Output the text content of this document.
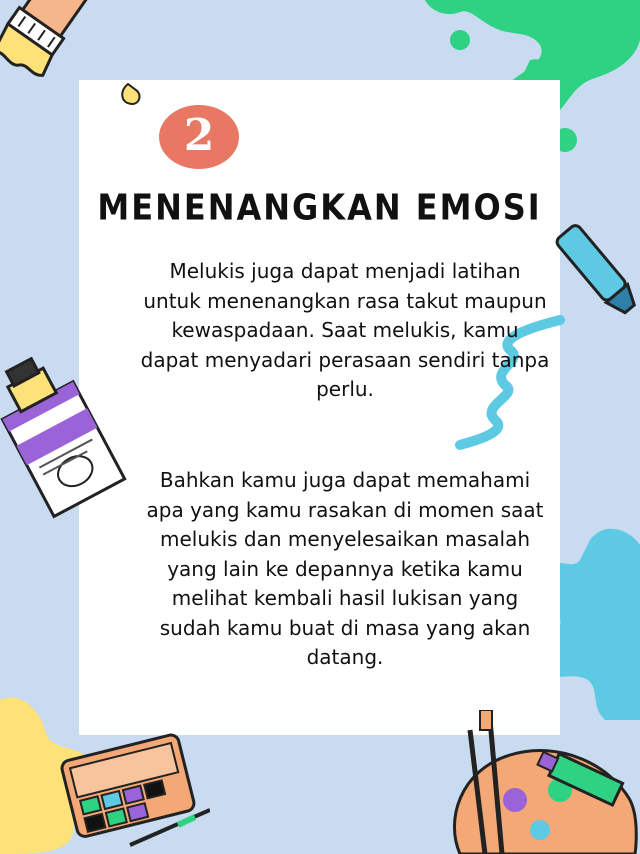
2
MENENANGKAN EMOSI

Melukis juga dapat menjadi latihan untuk menenangkan rasa takut maupun kewaspadaan. Saat melukis, kamu dapat menyadari perasaan sendiri tanpa perlu.

Bahkan kamu juga dapat memahami apa yang kamu rasakan di momen saat melukis dan menyelesaikan masalah yang lain ke depannya ketika kamu melihat kembali hasil lukisan yang sudah kamu buat di masa yang akan datang.
